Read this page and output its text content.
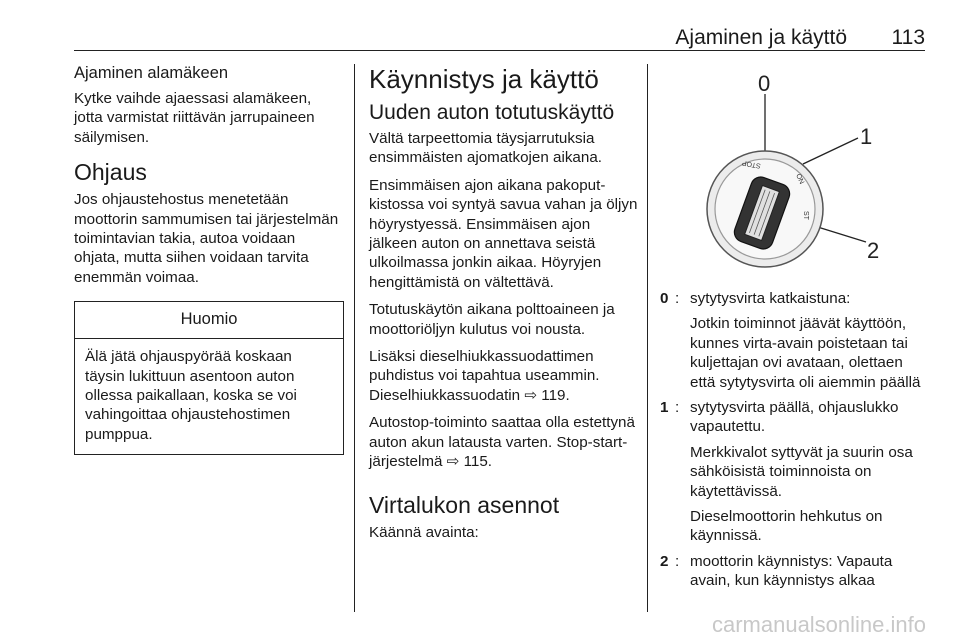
Ajaminen ja käyttö 113
Ajaminen alamäkeen

Kytke vaihde ajaessasi alamäkeen, jotta varmistat riittävän jarrupaineen säilymisen.

Ohjaus

Jos ohjaustehostus menetetään moottorin sammumisen tai järjestelmän toimintavian takia, autoa voidaan ohjata, mutta siihen voidaan tarvita enemmän voimaa.

Huomio

Älä jätä ohjauspyörää koskaan täysin lukittuun asentoon auton ollessa paikallaan, koska se voi vahingoittaa ohjaustehostimen pumppua.

Käynnistys ja käyttö
Uuden auton totutuskäyttö

Vältä tarpeettomia täysjarrutuksia ensimmäisten ajomatkojen aikana.

Ensimmäisen ajon aikana pakoputkistossa voi syntyä savua vahan ja öljyn höyrystyessä. Ensimmäisen ajon jälkeen auton on annettava seistä ulkoilmassa jonkin aikaa. Höyryjen hengittämistä on vältettävä.

Totutuskäytön aikana polttoaineen ja moottoriöljyn kulutus voi nousta.

Lisäksi dieselhiukkassuodattimen puhdistus voi tapahtua useammin. Dieselhiukkassuodatin ⇨ 119.

Autostop-toiminto saattaa olla estettynä auton akun latausta varten. Stop-start-järjestelmä ⇨ 115.

Virtalukon asennot

Käännä avainta:

STOP
ON
ST
0
1
2
0 : sytytysvirta katkaistuna:

Jotkin toiminnot jäävät käyttöön, kunnes virta-avain poistetaan tai kuljettajan ovi avataan, olettaen että sytytysvirta oli aiemmin päällä

1 : sytytysvirta päällä, ohjauslukko vapautettu.

Merkkivalot syttyvät ja suurin osa sähköisistä toiminnoista on käytettävissä.

Dieselmoottorin hehkutus on käynnissä.

2 : moottorin käynnistys: Vapauta avain, kun käynnistys alkaa

carmanualsonline.info
